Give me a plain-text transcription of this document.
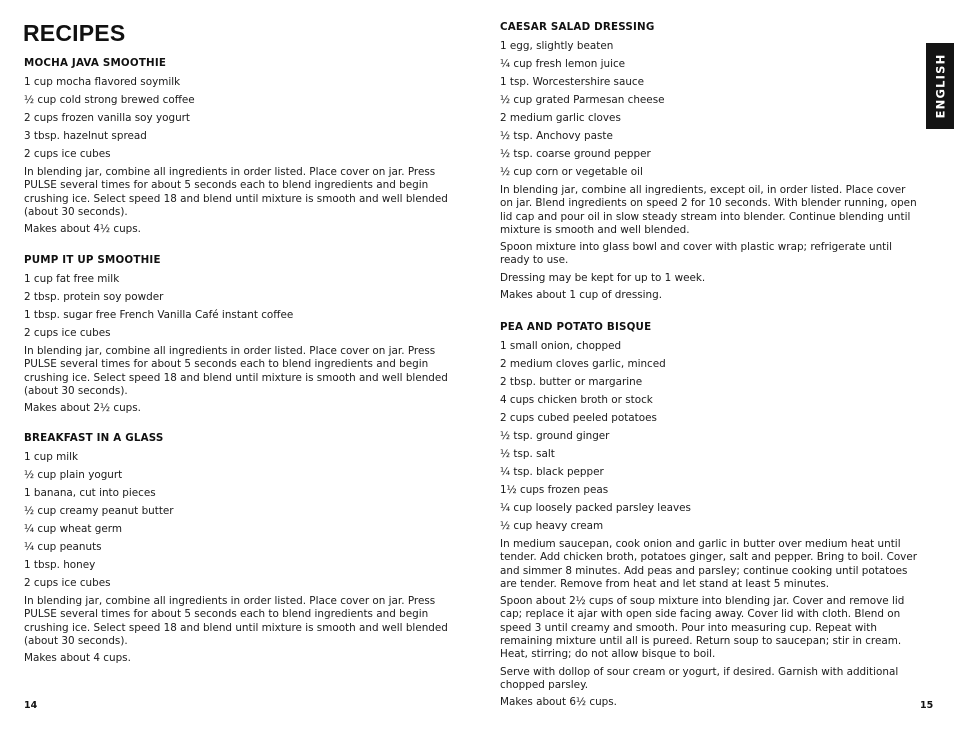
RECIPES
MOCHA JAVA SMOOTHIE
1 cup mocha flavored soymilk
½ cup cold strong brewed coffee
2 cups frozen vanilla soy yogurt
3 tbsp. hazelnut spread
2 cups ice cubes

In blending jar, combine all ingredients in order listed. Place cover on jar. Press PULSE several times for about 5 seconds each to blend ingredients and begin crushing ice. Select speed 18 and blend until mixture is smooth and well blended (about 30 seconds).

Makes about 4½ cups.

PUMP IT UP SMOOTHIE
1 cup fat free milk
2 tbsp. protein soy powder
1 tbsp. sugar free French Vanilla Café instant coffee
2 cups ice cubes

In blending jar, combine all ingredients in order listed. Place cover on jar. Press PULSE several times for about 5 seconds each to blend ingredients and begin crushing ice. Select speed 18 and blend until mixture is smooth and well blended (about 30 seconds).

Makes about 2½ cups.

BREAKFAST IN A GLASS
1 cup milk
½ cup plain yogurt
1 banana, cut into pieces
½ cup creamy peanut butter
¼ cup wheat germ
¼ cup peanuts
1 tbsp. honey
2 cups ice cubes

In blending jar, combine all ingredients in order listed. Place cover on jar. Press PULSE several times for about 5 seconds each to blend ingredients and begin crushing ice. Select speed 18 and blend until mixture is smooth and well blended (about 30 seconds).

Makes about 4 cups.

14
CAESAR SALAD DRESSING
1 egg, slightly beaten
¼ cup fresh lemon juice
1 tsp. Worcestershire sauce
½ cup grated Parmesan cheese
2 medium garlic cloves
½ tsp. Anchovy paste
½ tsp. coarse ground pepper
½ cup corn or vegetable oil

In blending jar, combine all ingredients, except oil, in order listed. Place cover on jar. Blend ingredients on speed 2 for 10 seconds. With blender running, open lid cap and pour oil in slow steady stream into blender. Continue blending until mixture is smooth and well blended.

Spoon mixture into glass bowl and cover with plastic wrap; refrigerate until ready to use.

Dressing may be kept for up to 1 week.

Makes about 1 cup of dressing.

PEA AND POTATO BISQUE
1 small onion, chopped
2 medium cloves garlic, minced
2 tbsp. butter or margarine
4 cups chicken broth or stock
2 cups cubed peeled potatoes
½ tsp. ground ginger
½ tsp. salt
¼ tsp. black pepper
1½ cups frozen peas
¼ cup loosely packed parsley leaves
½ cup heavy cream

In medium saucepan, cook onion and garlic in butter over medium heat until tender. Add chicken broth, potatoes ginger, salt and pepper. Bring to boil. Cover and simmer 8 minutes. Add peas and parsley; continue cooking until potatoes are tender. Remove from heat and let stand at least 5 minutes.

Spoon about 2½ cups of soup mixture into blending jar. Cover and remove lid cap; replace it ajar with open side facing away. Cover lid with cloth. Blend on speed 3 until creamy and smooth. Pour into measuring cup. Repeat with remaining mixture until all is pureed. Return soup to saucepan; stir in cream. Heat, stirring; do not allow bisque to boil.

Serve with dollop of sour cream or yogurt, if desired. Garnish with additional chopped parsley.

Makes about 6½ cups.	15
ENGLISH
